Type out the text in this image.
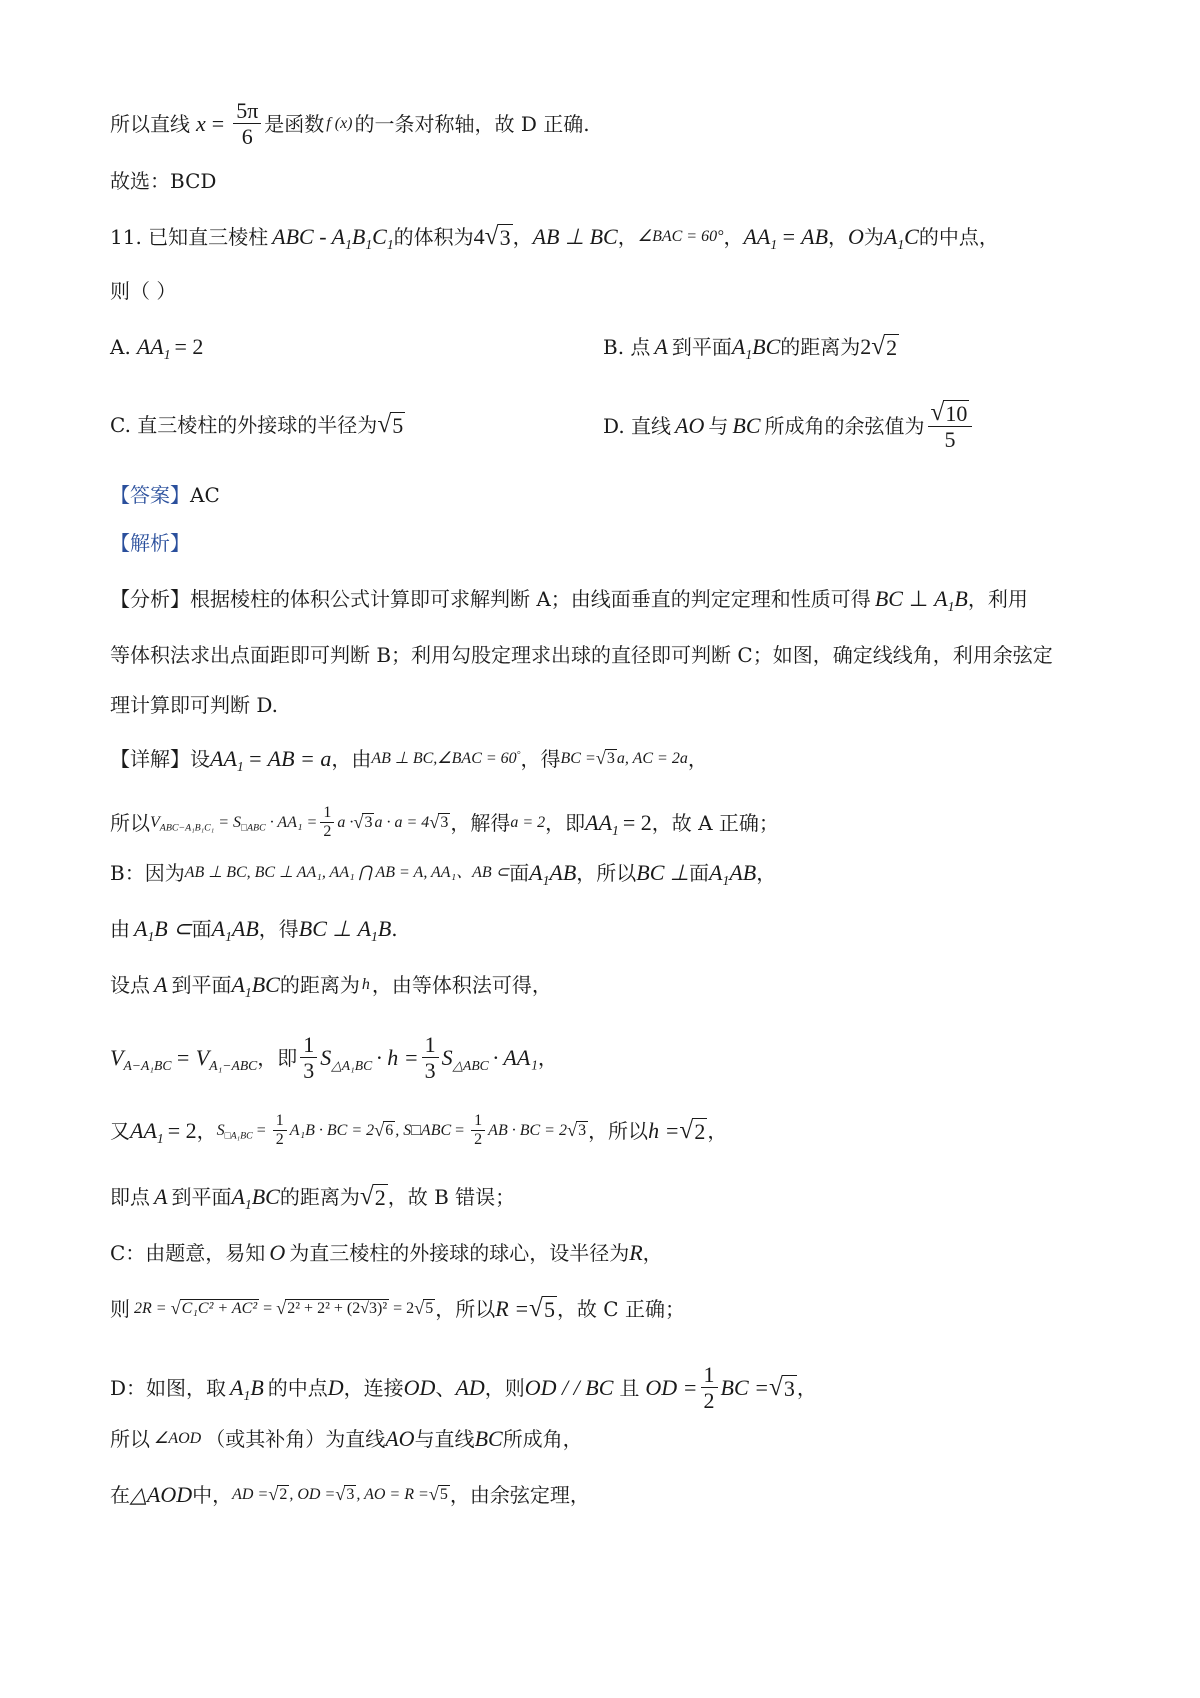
所以直线 $x = \frac{5\pi}{6}$ 是函数 f (x) 的一条对称轴，故 D 正确.
故选：BCD
11. 已知直三棱柱 ABC - $A_1B_1C_1$ 的体积为 4 √ 3 ， AB ⊥ BC ， ∠BAC = 60° ， $AA_1$ = AB ， O 为 $A_1C$ 的中点，
则（ ）
A. $AA_1 = 2$	B. 点 A 到平面 $A_1BC$ 的距离为 2 √ 2
C. 直三棱柱的外接球的半径为 √ 5	D. 直线 AO 与 BC 所成角的余弦值为 $\frac{√ 10}{5}$
【答案】 AC
【解析】
【分析】根据棱柱的体积公式计算即可求解判断 A；由线面垂直的判定定理和性质可得 BC ⊥ $A_1B$ ，利用
等体积法求出点面距即可判断 B；利用勾股定理求出球的直径即可判断 C；如图，确定线线角，利用余弦定
理计算即可判断 D.
【详解】设 $AA_1$ = AB = a ，由 AB ⊥ BC,∠BAC = 60° ，得 BC = √ 3 a, AC = 2a ，
所以 $V_{ABC-A_1B_1C_1} = S_{□ABC} \cdot AA_1 = \frac{1}{2}$ a · √ 3 a · a = 4 √ 3 ，解得 a = 2 ，即 $AA_1 = 2$ ，故 A 正确；
B：因为 AB ⊥ BC, BC ⊥ AA₁, AA₁ ⋂ AB = A, AA₁、AB ⊂ 面 $A_1AB$ ，所以 BC ⊥ 面 $A_1AB$ ，
由 $A_1B$ ⊂ 面 $A_1AB$ ，得 BC ⊥ $A_1B$ .
设点 A 到平面 $A_1BC$ 的距离为 h ，由等体积法可得，
$V_{A-A_1BC} = V_{A_1-ABC}$ ，即 $\frac{1}{3} S_{\triangle A_1BC} \cdot h = \frac{1}{3} S_{\triangle ABC} \cdot AA_1$ ，
又 $AA_1 = 2$ ， $S_{□A_1BC} = \frac{1}{2} A_1B$ · BC = 2 √ 6 , S □ABC = $\frac{1}{2}$ AB · BC = 2 √ 3 ，所以 h = √ 2 ，
即点 A 到平面 $A_1BC$ 的距离为 √ 2 ，故 B 错误；
C：由题意，易知 O 为直三棱柱的外接球的球心，设半径为 R ，
则 2R = √ C₁C² + AC² = √ 2² + 2² + (2√3)² = 2 √ 5 ，所以 R = √ 5 ，故 C 正确；
D：如图，取 $A_1B$ 的中点 D ，连接 OD 、 AD ，则 OD / / BC 且 OD = $\frac{1}{2}$ BC = √ 3 ，
所以 ∠AOD （或其补角）为直线 AO 与直线 BC 所成角，
在 △AOD 中， AD = √ 2 , OD = √ 3 , AO = R = √ 5 ，由余弦定理，
